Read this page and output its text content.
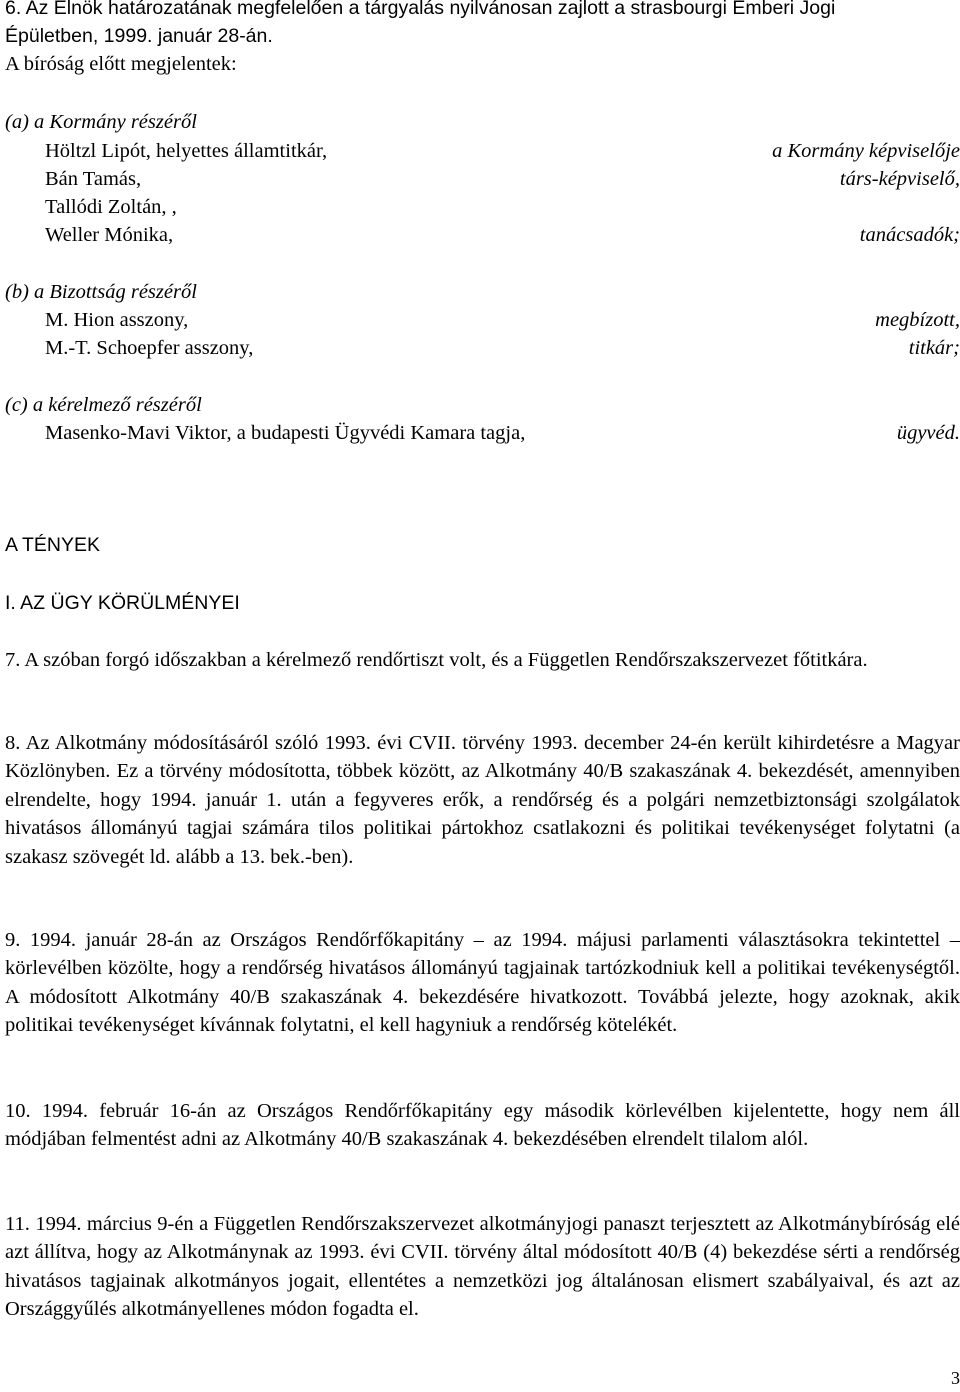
6. Az Elnök határozatának megfelelően a tárgyalás nyilvánosan zajlott a strasbourgi Emberi Jogi
Épületben, 1999. január 28-án.
A bíróság előtt megjelentek:
(a) a Kormány részéről
Höltzl Lipót, helyettes államtitkár,
Bán Tamás,
Tallódi Zoltán, ,
Weller Mónika,
a Kormány képviselője
társ-képviselő,
tanácsadók;
(b) a Bizottság részéről
M. Hion asszony,
M.-T. Schoepfer asszony,
megbízott,
titkár;
(c) a kérelmező részéről
Masenko-Mavi Viktor, a budapesti Ügyvédi Kamara tagja,	ügyvéd.
A TÉNYEK
I. AZ ÜGY KÖRÜLMÉNYEI
7. A szóban forgó időszakban a kérelmező rendőrtiszt volt, és a Független Rendőrszakszervezet főtitkára.
8. Az Alkotmány módosításáról szóló 1993. évi CVII. törvény 1993. december 24-én került kihirdetésre a Magyar Közlönyben. Ez a törvény módosította, többek között, az Alkotmány 40/B szakaszának 4. bekezdését, amennyiben elrendelte, hogy 1994. január 1. után a fegyveres erők, a rendőrség és a polgári nemzetbiztonsági szolgálatok hivatásos állományú tagjai számára tilos politikai pártokhoz csatlakozni és politikai tevékenységet folytatni (a szakasz szövegét ld. alább a 13. bek.-ben).
9. 1994. január 28-án az Országos Rendőrfőkapitány – az 1994. májusi parlamenti választásokra tekintettel – körlevélben közölte, hogy a rendőrség hivatásos állományú tagjainak tartózkodniuk kell a politikai tevékenységtől. A módosított Alkotmány 40/B szakaszának 4. bekezdésére hivatkozott. Továbbá jelezte, hogy azoknak, akik politikai tevékenységet kívánnak folytatni, el kell hagyniuk a rendőrség kötelékét.
10. 1994. február 16-án az Országos Rendőrfőkapitány egy második körlevélben kijelentette, hogy nem áll módjában felmentést adni az Alkotmány 40/B szakaszának 4. bekezdésében elrendelt tilalom alól.
11. 1994. március 9-én a Független Rendőrszakszervezet alkotmányjogi panaszt terjesztett az Alkotmánybíróság elé azt állítva, hogy az Alkotmánynak az 1993. évi CVII. törvény által módosított 40/B (4) bekezdése sérti a rendőrség hivatásos tagjainak alkotmányos jogait, ellentétes a nemzetközi jog általánosan elismert szabályaival, és azt az Országgyűlés alkotmányellenes módon fogadta el.
3
